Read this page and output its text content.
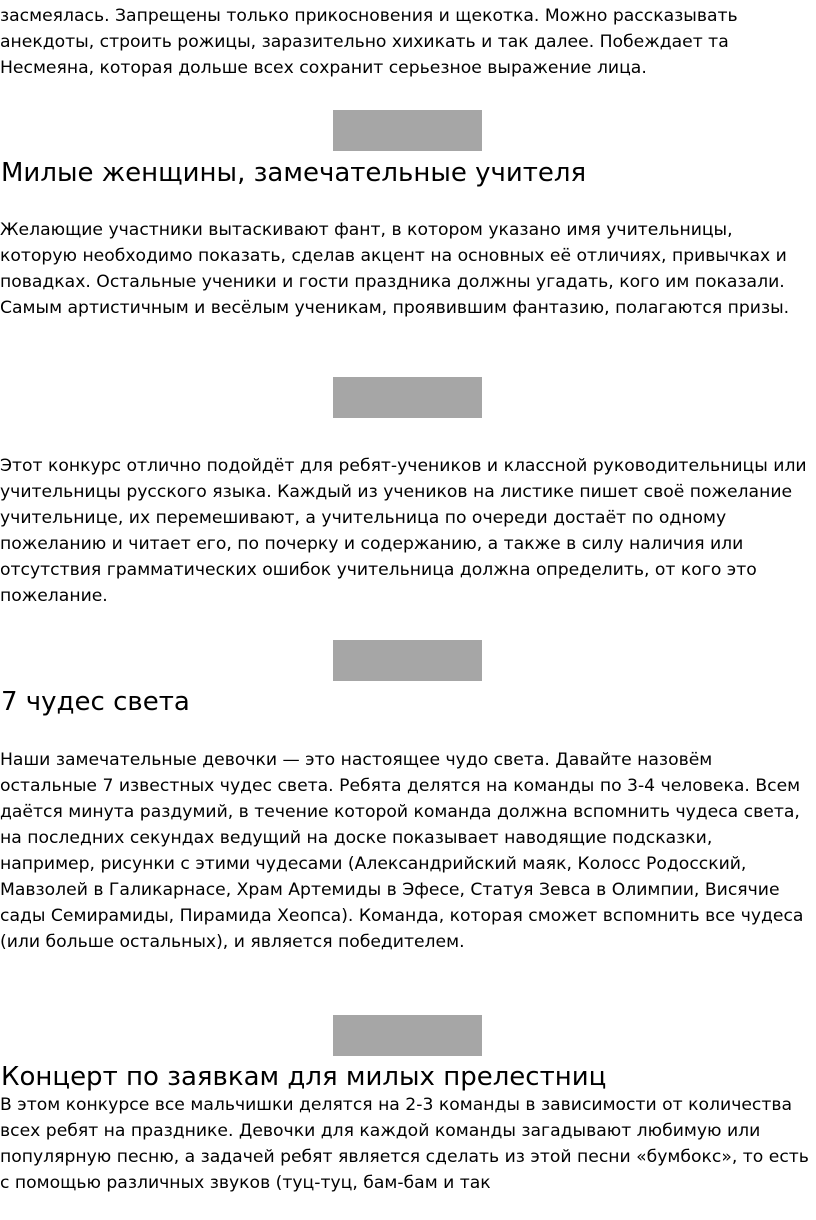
засмеялась. Запрещены только прикосновения и щекотка. Можно рассказывать анекдоты, строить рожицы, заразительно хихикать и так далее. Побеждает та Несмеяна, которая дольше всех сохранит серьезное выражение лица.

Милые женщины, замечательные учителя

Желающие участники вытаскивают фант, в котором указано имя учительницы, которую необходимо показать, сделав акцент на основных её отличиях, привычках и повадках. Остальные ученики и гости праздника должны угадать, кого им показали. Самым артистичным и весёлым ученикам, проявившим фантазию, полагаются призы.

Этот конкурс отлично подойдёт для ребят-учеников и классной руководительницы или учительницы русского языка. Каждый из учеников на листике пишет своё пожелание учительнице, их перемешивают, а учительница по очереди достаёт по одному пожеланию и читает его, по почерку и содержанию, а также в силу наличия или отсутствия грамматических ошибок учительница должна определить, от кого это пожелание.

7 чудес света

Наши замечательные девочки — это настоящее чудо света. Давайте назовём остальные 7 известных чудес света. Ребята делятся на команды по 3-4 человека. Всем даётся минута раздумий, в течение которой команда должна вспомнить чудеса света, на последних секундах ведущий на доске показывает наводящие подсказки, например, рисунки с этими чудесами (Александрийский маяк, Колосс Родосский, Мавзолей в Галикарнасе, Храм Артемиды в Эфесе, Статуя Зевса в Олимпии, Висячие сады Семирамиды, Пирамида Хеопса). Команда, которая сможет вспомнить все чудеса (или больше остальных), и является победителем.

Концерт по заявкам для милых прелестниц

В этом конкурсе все мальчишки делятся на 2-3 команды в зависимости от количества всех ребят на празднике. Девочки для каждой команды загадывают любимую или популярную песню, а задачей ребят является сделать из этой песни «бумбокс», то есть с помощью различных звуков (туц-туц, бам-бам и так
